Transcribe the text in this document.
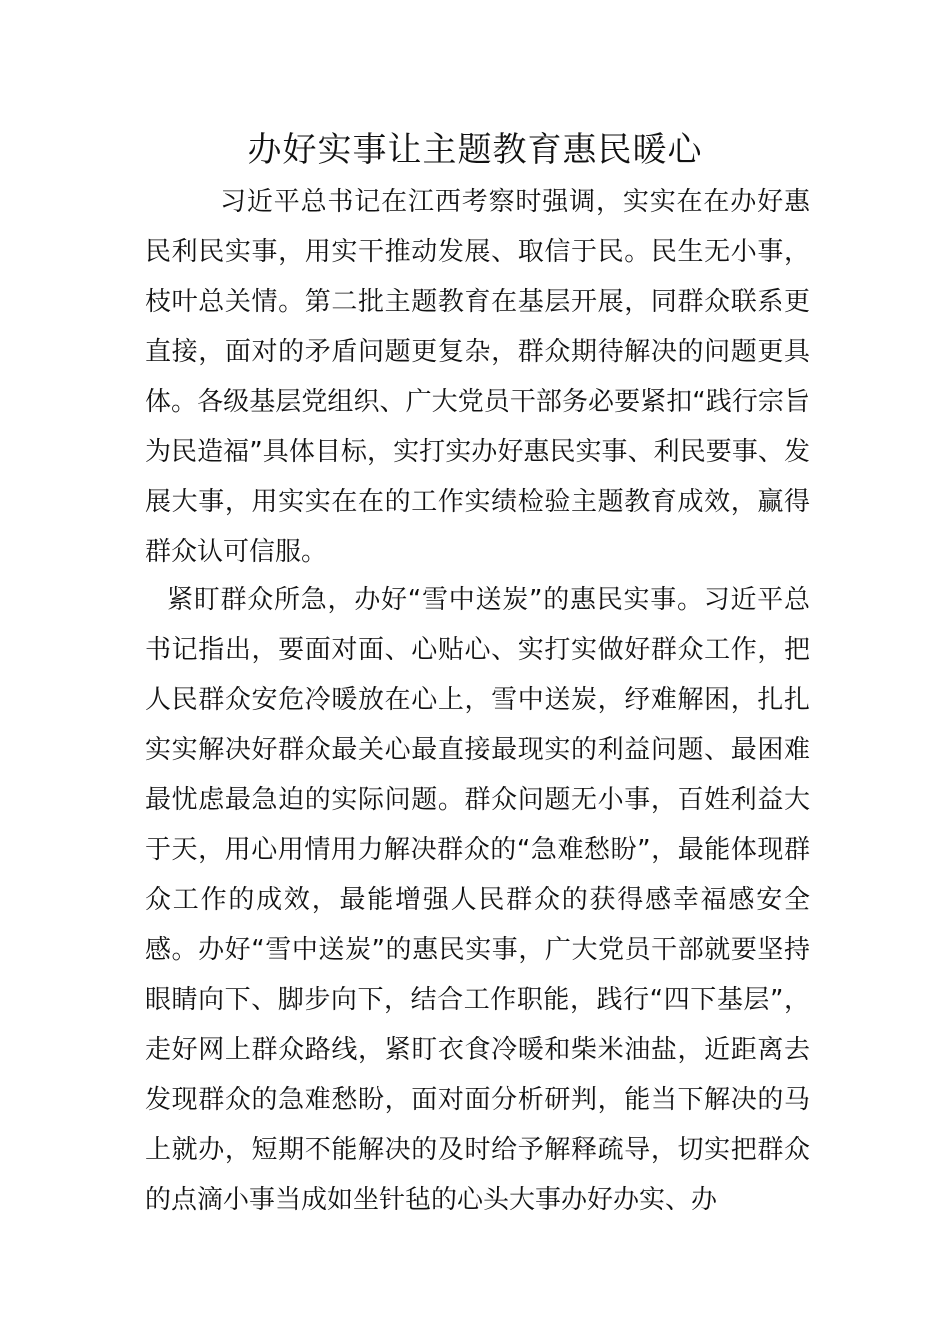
办好实事让主题教育惠民暖心

习近平总书记在江西考察时强调，实实在在办好惠民利民实事，用实干推动发展、取信于民。民生无小事，枝叶总关情。第二批主题教育在基层开展，同群众联系更直接，面对的矛盾问题更复杂，群众期待解决的问题更具体。各级基层党组织、广大党员干部务必要紧扣“践行宗旨为民造福”具体目标，实打实办好惠民实事、利民要事、发展大事，用实实在在的工作实绩检验主题教育成效，赢得群众认可信服。

紧盯群众所急，办好“雪中送炭”的惠民实事。习近平总书记指出，要面对面、心贴心、实打实做好群众工作，把人民群众安危冷暖放在心上，雪中送炭，纾难解困，扎扎实实解决好群众最关心最直接最现实的利益问题、最困难最忧虑最急迫的实际问题。群众问题无小事，百姓利益大于天，用心用情用力解决群众的“急难愁盼”，最能体现群众工作的成效，最能增强人民群众的获得感幸福感安全感。办好“雪中送炭”的惠民实事，广大党员干部就要坚持眼睛向下、脚步向下，结合工作职能，践行“四下基层”，走好网上群众路线，紧盯衣食冷暖和柴米油盐，近距离去发现群众的急难愁盼，面对面分析研判，能当下解决的马上就办，短期不能解决的及时给予解释疏导，切实把群众的点滴小事当成如坐针毡的心头大事办好办实、办
